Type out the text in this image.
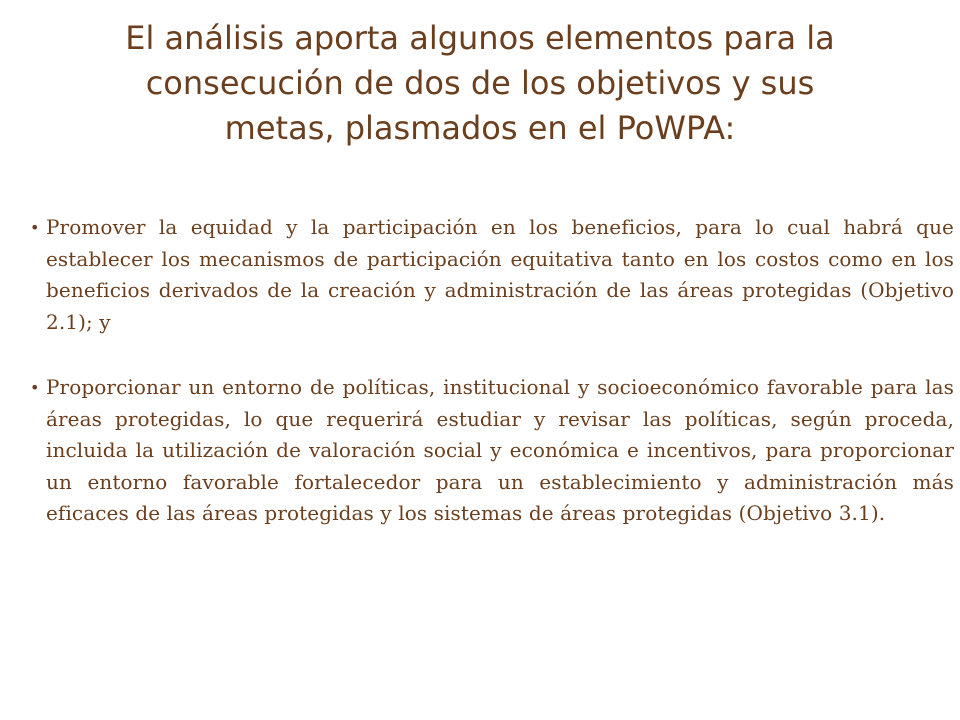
El análisis aporta algunos elementos para la
consecución de dos de los objetivos y sus
metas, plasmados en el PoWPA:
• Promover la equidad y la participación en los beneficios, para lo cual habrá que establecer los mecanismos de participación equitativa tanto en los costos como en los beneficios derivados de la creación y administración de las áreas protegidas (Objetivo 2.1); y
• Proporcionar un entorno de políticas, institucional y socioeconómico favorable para las áreas protegidas, lo que requerirá estudiar y revisar las políticas, según proceda, incluida la utilización de valoración social y económica e incentivos, para proporcionar un entorno favorable fortalecedor para un establecimiento y administración más eficaces de las áreas protegidas y los sistemas de áreas protegidas (Objetivo 3.1).
